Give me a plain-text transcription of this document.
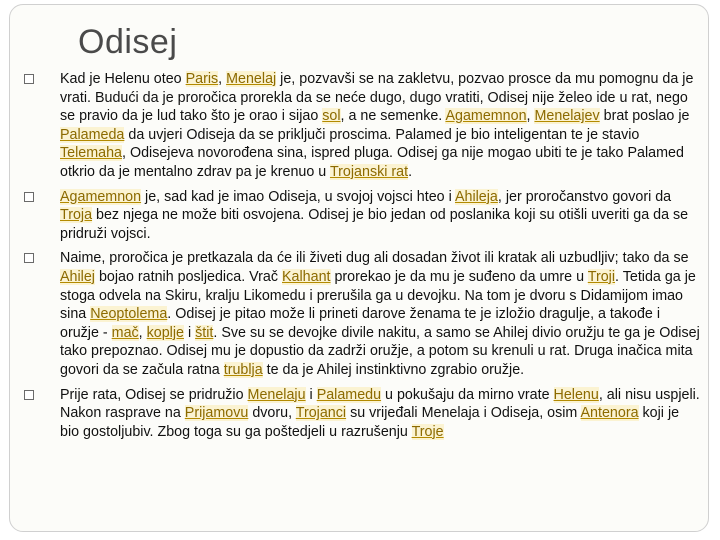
Odisej
Kad je Helenu oteo Paris, Menelaj je, pozvavši se na zakletvu, pozvao prosce da mu pomognu da je vrati. Budući da je proročica prorekla da se neće dugo, dugo vratiti, Odisej nije želeo ide u rat, nego se pravio da je lud tako što je orao i sijao sol, a ne semenke. Agamemnon, Menelajev brat poslao je Palameda da uvjeri Odiseja da se priključi proscima. Palamed je bio inteligentan te je stavio Telemaha, Odisejeva novorođena sina, ispred pluga. Odisej ga nije mogao ubiti te je tako Palamed otkrio da je mentalno zdrav pa je krenuo u Trojanski rat.
Agamemnon je, sad kad je imao Odiseja, u svojoj vojsci hteo i Ahileja, jer proročanstvo govori da Troja bez njega ne može biti osvojena. Odisej je bio jedan od poslanika koji su otišli uveriti ga da se pridruži vojsci.
Naime, proročica je pretkazala da će ili živeti dug ali dosadan život ili kratak ali uzbudljiv; tako da se Ahilej bojao ratnih posljedica. Vrač Kalhant prorekao je da mu je suđeno da umre u Troji. Tetida ga je stoga odvela na Skiru, kralju Likomedu i prerušila ga u devojku. Na tom je dvoru s Didamijom imao sina Neoptolema. Odisej je pitao može li prineti darove ženama te je izložio dragulje, a takođe i oružje - mač, koplje i štit. Sve su se devojke divile nakitu, a samo se Ahilej divio oružju te ga je Odisej tako prepoznao. Odisej mu je dopustio da zadrži oružje, a potom su krenuli u rat. Druga inačica mita govori da se začula ratna trublja te da je Ahilej instinktivno zgrabio oružje.
Prije rata, Odisej se pridružio Menelaju i Palamedu u pokušaju da mirno vrate Helenu, ali nisu uspjeli. Nakon rasprave na Prijamovu dvoru, Trojanci su vrijeđali Menelaja i Odiseja, osim Antenora koji je bio gostoljubiv. Zbog toga su ga poštedjeli u razrušenju Troje
